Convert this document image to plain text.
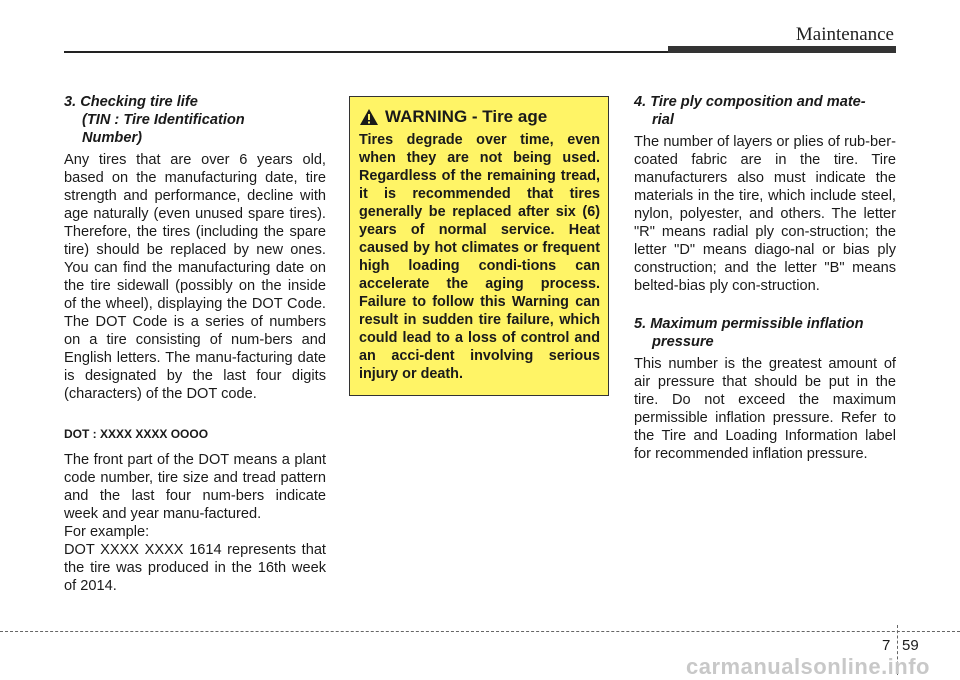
Maintenance

3. Checking tire life
(TIN : Tire Identification
Number)

Any tires that are over 6 years old, based on the manufacturing date, tire strength and performance, decline with age naturally (even unused spare tires). Therefore, the tires (including the spare tire) should be replaced by new ones. You can find the manufacturing date on the tire sidewall (possibly on the inside of the wheel), displaying the DOT Code. The DOT Code is a series of numbers on a tire consisting of num-bers and English letters. The manu-facturing date is designated by the last four digits (characters) of the DOT code.

DOT : XXXX XXXX OOOO

The front part of the DOT means a plant code number, tire size and tread pattern and the last four num-bers indicate week and year manu-factured.

For example:

DOT XXXX XXXX 1614 represents that the tire was produced in the 16th week of 2014.

WARNING - Tire age

Tires degrade over time, even when they are not being used. Regardless of the remaining tread, it is recommended that tires generally be replaced after six (6) years of normal service. Heat caused by hot climates or frequent high loading condi-tions can accelerate the aging process. Failure to follow this Warning can result in sudden tire failure, which could lead to a loss of control and an acci-dent involving serious injury or death.

4. Tire ply composition and mate-
rial

The number of layers or plies of rub-ber-coated fabric are in the tire. Tire manufacturers also must indicate the materials in the tire, which include steel, nylon, polyester, and others. The letter "R" means radial ply con-struction; the letter "D" means diago-nal or bias ply construction; and the letter "B" means belted-bias ply con-struction.

5. Maximum permissible inflation
pressure

This number is the greatest amount of air pressure that should be put in the tire. Do not exceed the maximum permissible inflation pressure. Refer to the Tire and Loading Information label for recommended inflation pressure.

7 59
carmanualsonline.info
